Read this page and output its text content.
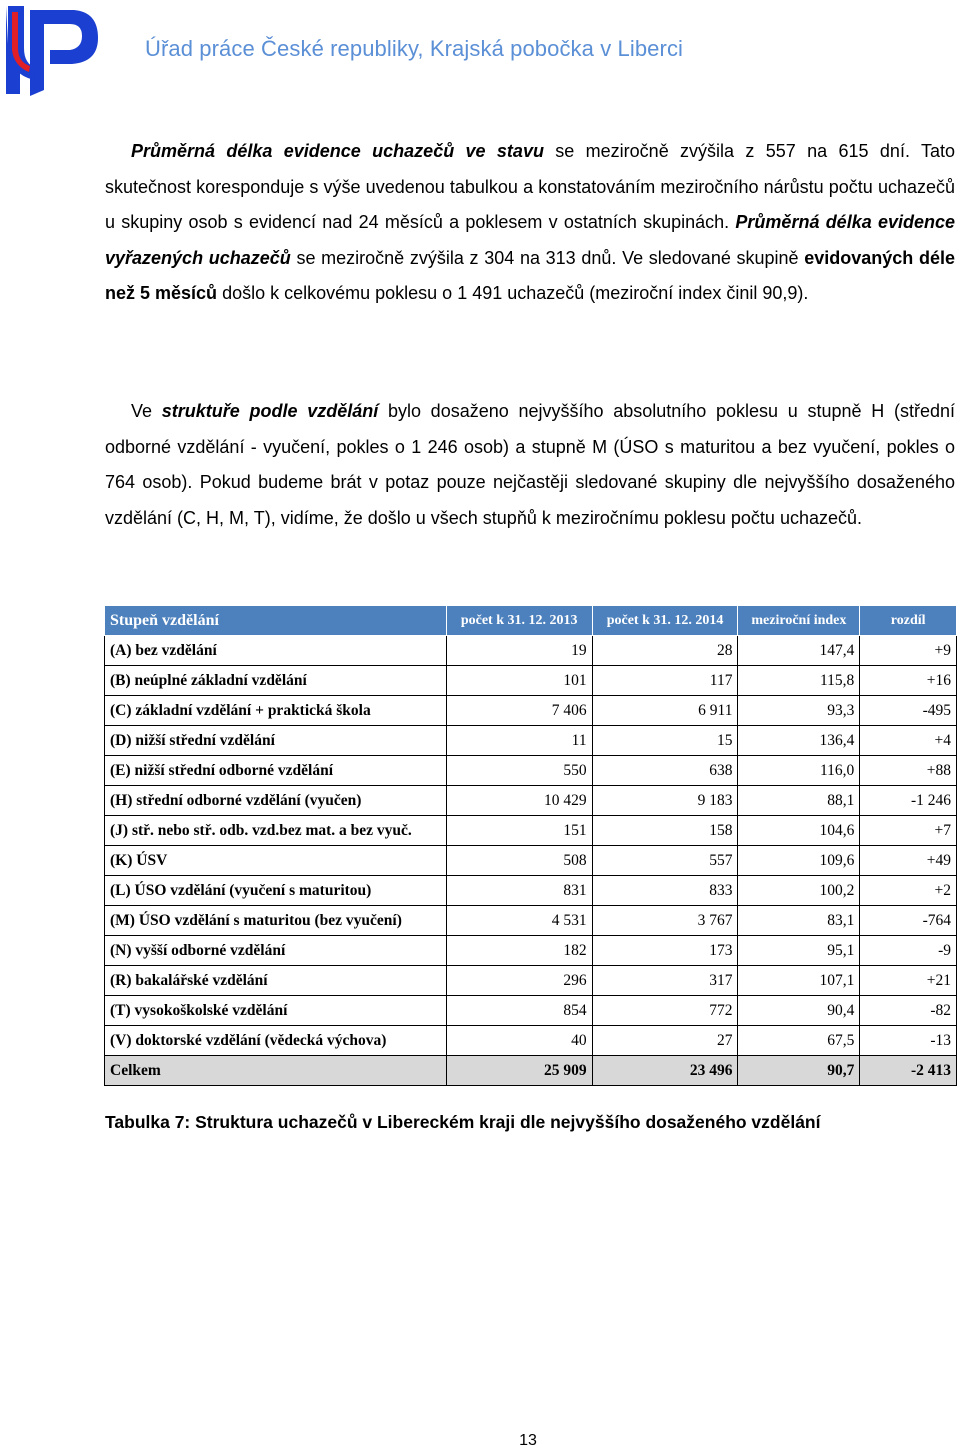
Úřad práce České republiky, Krajská pobočka v Liberci
Průměrná délka evidence uchazečů ve stavu se meziročně zvýšila z 557 na 615 dní. Tato skutečnost koresponduje s výše uvedenou tabulkou a konstatováním meziročního nárůstu počtu uchazečů u skupiny osob s evidencí nad 24 měsíců a poklesem v ostatních skupinách. Průměrná délka evidence vyřazených uchazečů se meziročně zvýšila z 304 na 313 dnů. Ve sledované skupině evidovaných déle než 5 měsíců došlo k celkovému poklesu o 1 491 uchazečů (meziroční index činil 90,9).
Ve struktuře podle vzdělání bylo dosaženo nejvyššího absolutního poklesu u stupně H (střední odborné vzdělání - vyučení, pokles o 1 246 osob) a stupně M (ÚSO s maturitou a bez vyučení, pokles o 764 osob). Pokud budeme brát v potaz pouze nejčastěji sledované skupiny dle nejvyššího dosaženého vzdělání (C, H, M, T), vidíme, že došlo u všech stupňů k meziročnímu poklesu počtu uchazečů.
Stupeň vzdělání	počet k 31. 12. 2013	počet k 31. 12. 2014	meziroční index	rozdíl
(A) bez vzdělání	19	28	147,4	+9
(B) neúplné základní vzdělání	101	117	115,8	+16
(C) základní vzdělání + praktická škola	7 406	6 911	93,3	-495
(D) nižší střední vzdělání	11	15	136,4	+4
(E) nižší střední odborné vzdělání	550	638	116,0	+88
(H) střední odborné vzdělání (vyučen)	10 429	9 183	88,1	-1 246
(J) stř. nebo stř. odb. vzd.bez mat. a bez vyuč.	151	158	104,6	+7
(K) ÚSV	508	557	109,6	+49
(L) ÚSO vzdělání (vyučení s maturitou)	831	833	100,2	+2
(M) ÚSO vzdělání s maturitou (bez vyučení)	4 531	3 767	83,1	-764
(N) vyšší odborné vzdělání	182	173	95,1	-9
(R) bakalářské vzdělání	296	317	107,1	+21
(T) vysokoškolské vzdělání	854	772	90,4	-82
(V) doktorské vzdělání (vědecká výchova)	40	27	67,5	-13
Celkem	25 909	23 496	90,7	-2 413
Tabulka 7: Struktura uchazečů v Libereckém kraji dle nejvyššího dosaženého vzdělání
13
